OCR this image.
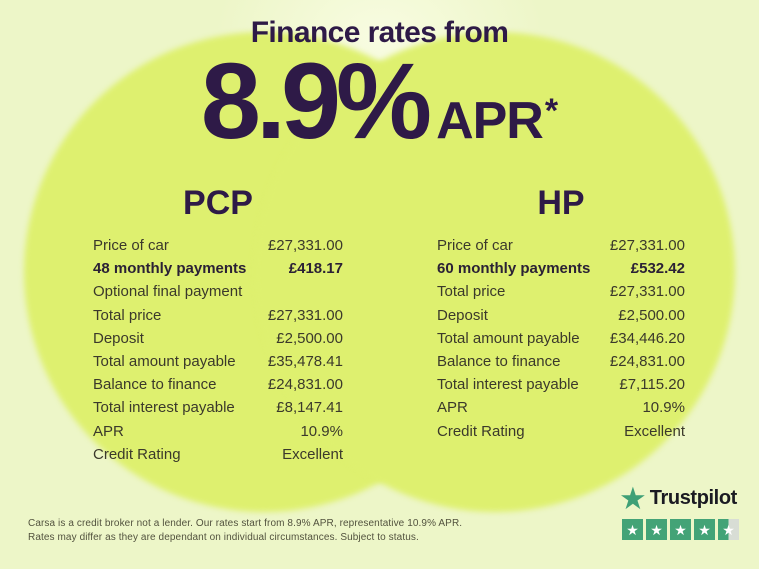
Finance rates from
8.9% APR*
PCP
Price of car	£27,331.00
48 monthly payments	£418.17
Optional final payment
Total price	£27,331.00
Deposit	£2,500.00
Total amount payable £35,478.41
Balance to finance	£24,831.00
Total interest payable	£8,147.41
APR	10.9%
Credit Rating	Excellent
HP
Price of car	£27,331.00
60 monthly payments	£532.42
Total price	£27,331.00
Deposit	£2,500.00
Total amount payable £34,446.20
Balance to finance	£24,831.00
Total interest payable	£7,115.20
APR	10.9%
Credit Rating	Excellent
Carsa is a credit broker not a lender. Our rates start from 8.9% APR, representative 10.9% APR.
Rates may differ as they are dependant on individual circumstances. Subject to status.
★ Trustpilot
★ ★ ★ ★ ★
